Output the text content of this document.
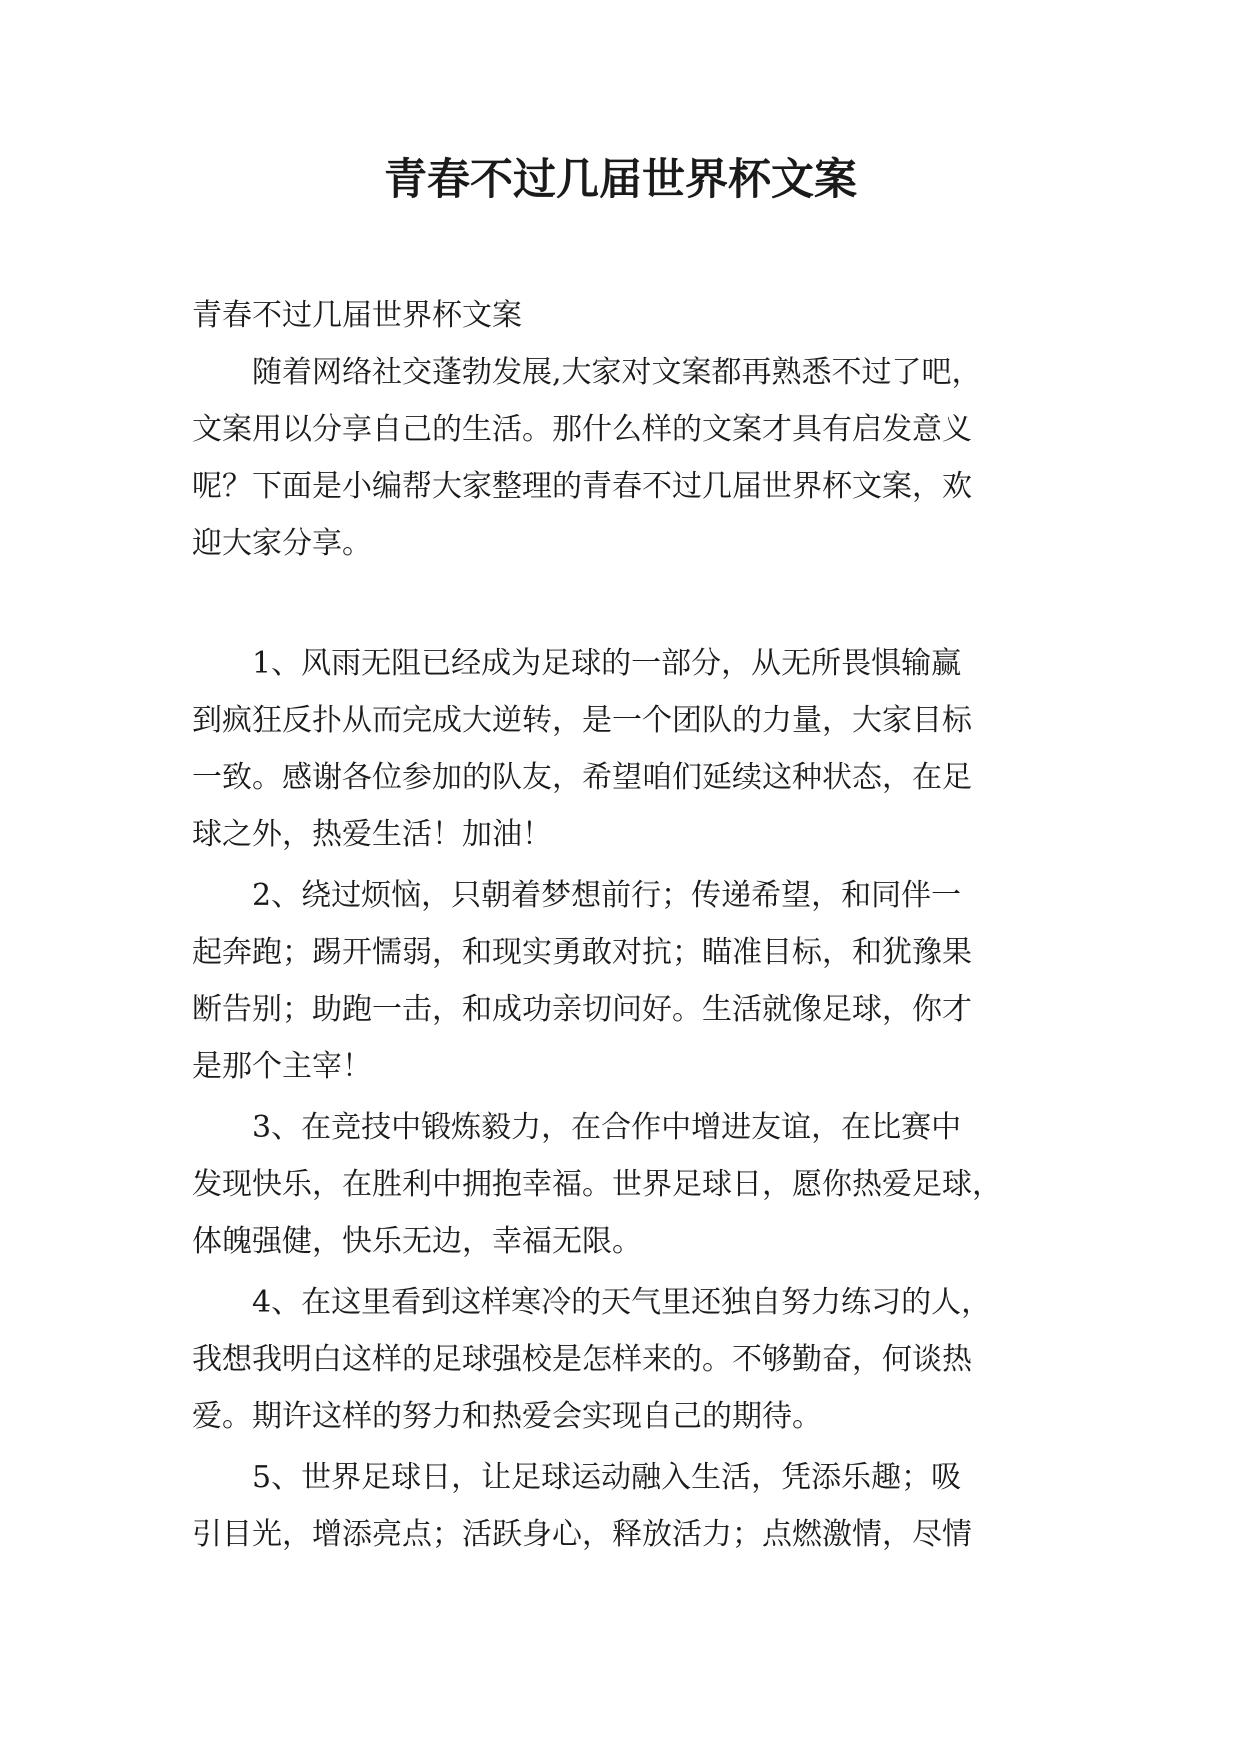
青春不过几届世界杯文案
青春不过几届世界杯文案
随着网络社交蓬勃发展,大家对文案都再熟悉不过了吧，
文案用以分享自己的生活。那什么样的文案才具有启发意义
呢？下面是小编帮大家整理的青春不过几届世界杯文案，欢
迎大家分享。
1、风雨无阻已经成为足球的一部分，从无所畏惧输赢
到疯狂反扑从而完成大逆转，是一个团队的力量，大家目标
一致。感谢各位参加的队友，希望咱们延续这种状态，在足
球之外，热爱生活！加油！
2、绕过烦恼，只朝着梦想前行；传递希望，和同伴一
起奔跑；踢开懦弱，和现实勇敢对抗；瞄准目标，和犹豫果
断告别；助跑一击，和成功亲切问好。生活就像足球，你才
是那个主宰！
3、在竞技中锻炼毅力，在合作中增进友谊，在比赛中
发现快乐，在胜利中拥抱幸福。世界足球日，愿你热爱足球，
体魄强健，快乐无边，幸福无限。
4、在这里看到这样寒冷的天气里还独自努力练习的人，
我想我明白这样的足球强校是怎样来的。不够勤奋，何谈热
爱。期许这样的努力和热爱会实现自己的期待。
5、世界足球日，让足球运动融入生活，凭添乐趣；吸
引目光，增添亮点；活跃身心，释放活力；点燃激情，尽情
